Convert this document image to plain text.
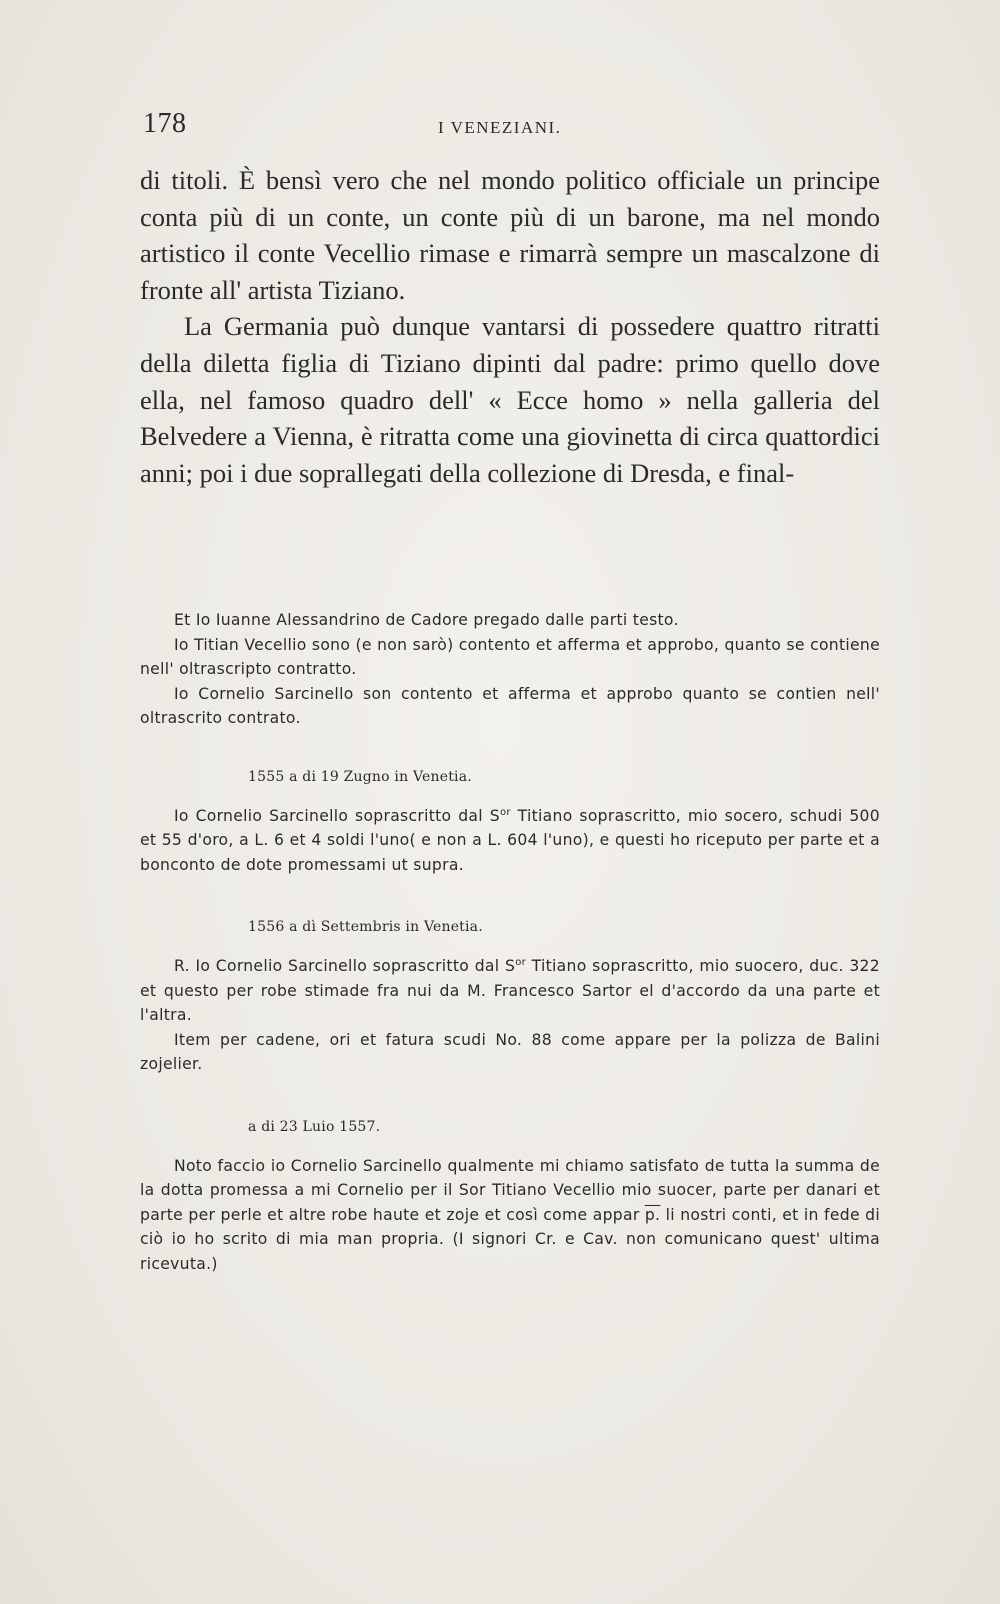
178	I VENEZIANI.

di titoli. È bensì vero che nel mondo politico officiale un principe conta più di un conte, un conte più di un barone, ma nel mondo artistico il conte Vecellio rimase e rimarrà sempre un mascalzone di fronte all' artista Tiziano.

La Germania può dunque vantarsi di possedere quattro ritratti della diletta figlia di Tiziano dipinti dal padre: primo quello dove ella, nel famoso quadro dell' « Ecce homo » nella galleria del Belvedere a Vienna, è ritratta come una giovinetta di circa quattordici anni; poi i due soprallegati della collezione di Dresda, e final-

Et Io Iuanne Alessandrino de Cadore pregado dalle parti testo.

Io Titian Vecellio sono (e non sarò) contento et afferma et approbo, quanto se contiene nell' oltrascripto contratto.

Io Cornelio Sarcinello son contento et afferma et approbo quanto se contien nell' oltrascrito contrato.

1555 a di 19 Zugno in Venetia.

Io Cornelio Sarcinello soprascritto dal $S^{or}$ Titiano soprascritto, mio socero, schudi 500 et 55 d'oro, a L. 6 et 4 soldi l'uno( e non a L. 604 l'uno), e questi ho riceputo per parte et a bonconto de dote promessami ut supra.

1556 a dì Settembris in Venetia.

R. Io Cornelio Sarcinello soprascritto dal $S^{or}$ Titiano soprascritto, mio suocero, duc. 322 et questo per robe stimade fra nui da M. Francesco Sartor el d'accordo da una parte et l'altra.

Item per cadene, ori et fatura scudi No. 88 come appare per la polizza de Balini zojelier.

a di 23 Luio 1557.

Noto faccio io Cornelio Sarcinello qualmente mi chiamo satisfato de tutta la summa de la dotta promessa a mi Cornelio per il Sor Titiano Vecellio mio suocer, parte per danari et parte per perle et altre robe haute et zoje et così come appar p. li nostri conti, et in fede di ciò io ho scrito di mia man propria. (I signori Cr. e Cav. non comunicano quest' ultima ricevuta.)
